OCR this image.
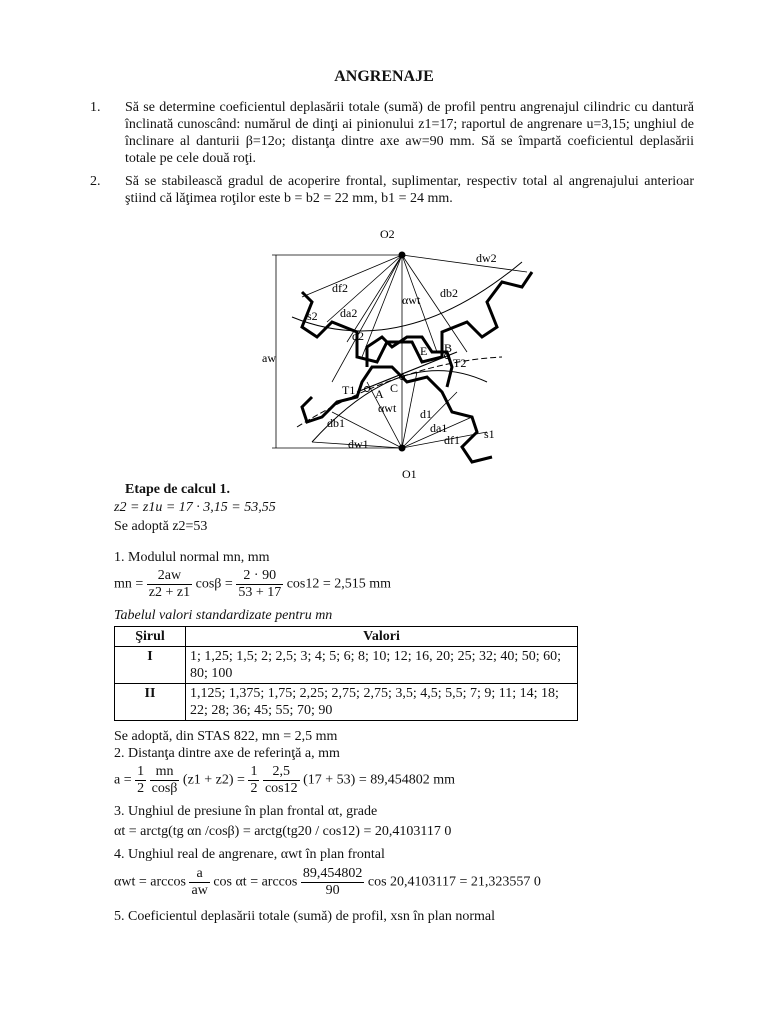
ANGRENAJE
1. Să se determine coeficientul deplasării totale (sumă) de profil pentru angrenajul cilindric cu dantură înclinată cunoscând: numărul de dinţi ai pinionului z1=17; raportul de angrenare u=3,15; unghiul de înclinare al danturii β=12o; distanţa dintre axe aw=90 mm. Să se împartă coeficientul deplasării totale pe cele două roţi.
2. Să se stabilească gradul de acoperire frontal, suplimentar, respectiv total al angrenajului anterioar ştiind că lăţimea roţilor este b = b2 = 22 mm, b1 = 24 mm.
O2
O1
dw2
df2	db2
da2
d2
s2
αwt
aw	E B
T2
T1 A C
αwt
db1
d1
da1
df1
dw1
s1
Etape de calcul 1.
z2 = z1u = 17 · 3,15 = 53,55
Se adoptă z2=53
1. Modulul normal mn, mm
mn = $\frac{2aw}{z2 + z1}$ $\cos\beta = \frac{2 \cdot 90}{53 + 17} \cos 12 = 2,515$ mm
Tabelul valori standardizate pentru mn
Şirul	Valori
I	1; 1,25; 1,5; 2; 2,5; 3; 4; 5; 6; 8; 10; 12; 16, 20; 25; 32; 40; 50; 60; 80; 100
II	1,125; 1,375; 1,75; 2,25; 2,75; 2,75; 3,5; 4,5; 5,5; 7; 9; 11; 14; 18; 22; 28; 36; 45; 55; 70; 90
Se adoptă, din STAS 822, mn = 2,5 mm
2. Distanţa dintre axe de referinţă a, mm
$a = \frac{1}{2}$
$\frac{mn}{\cos\beta} (z1 + z2) = \frac{1}{2}$
$\frac{2,5}{\cos 12} (17 + 53) = 89,454802$ mm
3. Unghiul de presiune în plan frontal αt, grade
αt = arctg(tg αn /cosβ) = arctg(tg20 / cos12) = 20,4103117 0
4. Unghiul real de angrenare, αwt în plan frontal
$\alpha wt = \arccos \frac{a}{aw}$ $\cos \alpha t = \arccos \frac{89,454802}{90}$ cos 20,4103117 = 21,323557 0
5. Coeficientul deplasării totale (sumă) de profil, xsn în plan normal
